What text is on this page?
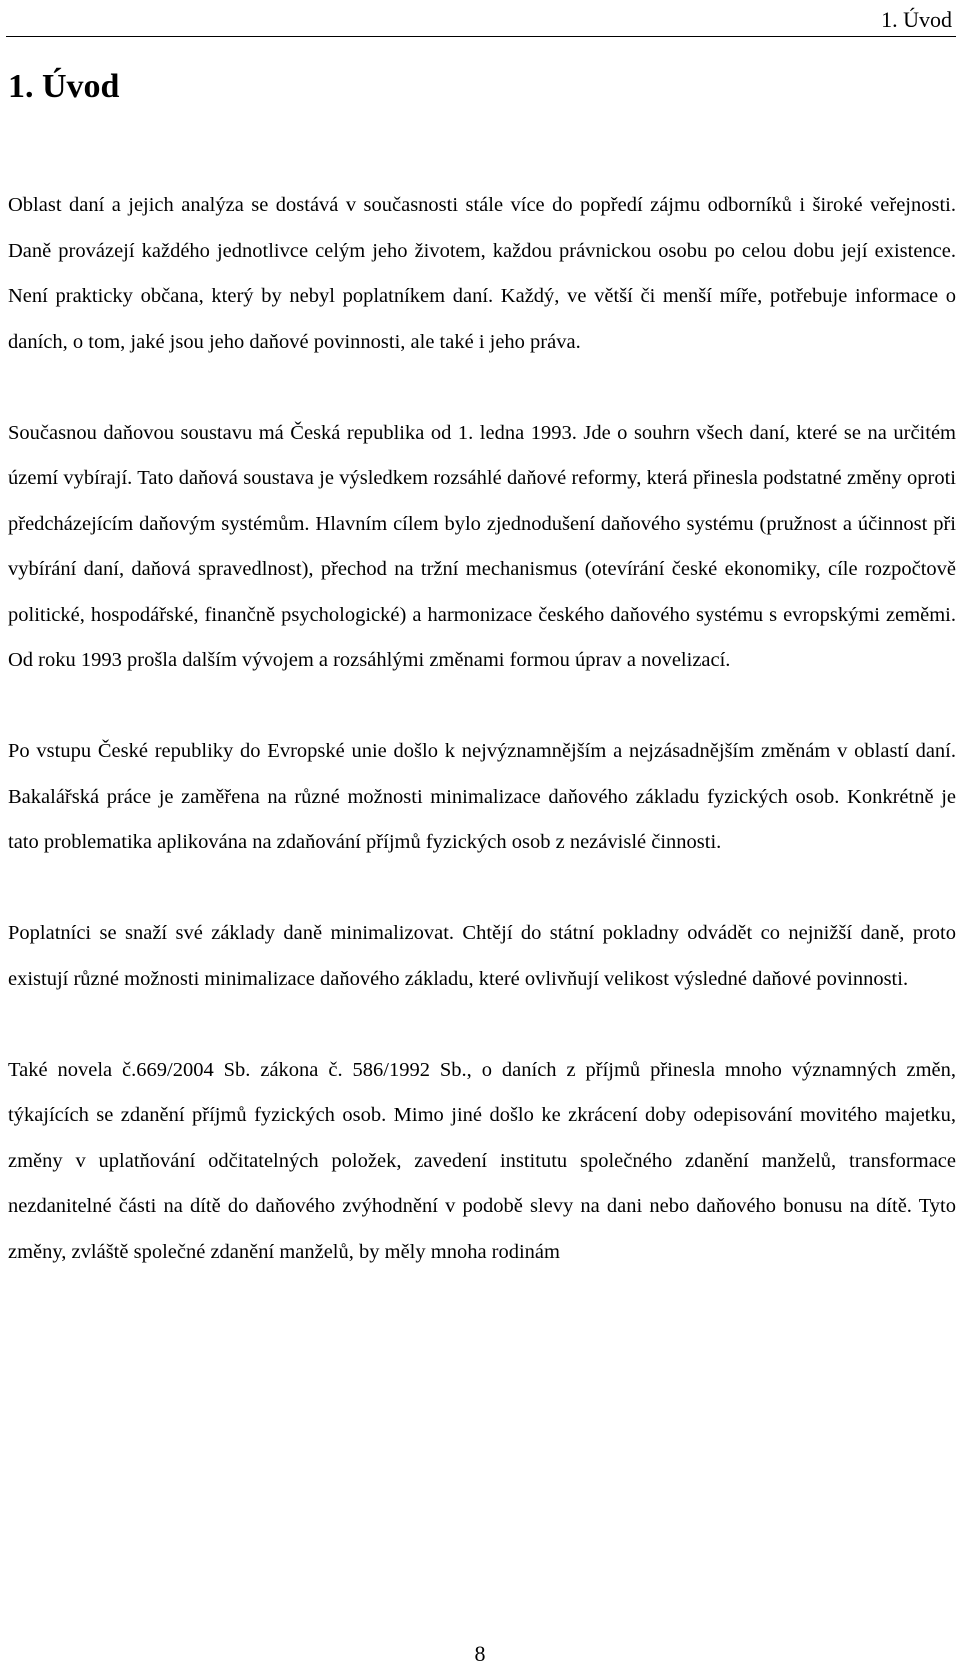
1. Úvod
1. Úvod

Oblast daní a jejich analýza se dostává v současnosti stále více do popředí zájmu odborníků i široké veřejnosti. Daně provázejí každého jednotlivce celým jeho životem, každou právnickou osobu po celou dobu její existence. Není prakticky občana, který by nebyl poplatníkem daní. Každý, ve větší či menší míře, potřebuje informace o daních, o tom, jaké jsou jeho daňové povinnosti, ale také i jeho práva.

Současnou daňovou soustavu má Česká republika od 1. ledna 1993. Jde o souhrn všech daní, které se na určitém území vybírají. Tato daňová soustava je výsledkem rozsáhlé daňové reformy, která přinesla podstatné změny oproti předcházejícím daňovým systémům. Hlavním cílem bylo zjednodušení daňového systému (pružnost a účinnost při vybírání daní, daňová spravedlnost), přechod na tržní mechanismus (otevírání české ekonomiky, cíle rozpočtově politické, hospodářské, finančně psychologické) a harmonizace českého daňového systému s evropskými zeměmi. Od roku 1993 prošla dalším vývojem a rozsáhlými změnami formou úprav a novelizací.

Po vstupu České republiky do Evropské unie došlo k nejvýznamnějším a nejzásadnějším změnám v oblastí daní. Bakalářská práce je zaměřena na různé možnosti minimalizace daňového základu fyzických osob. Konkrétně je tato problematika aplikována na zdaňování příjmů fyzických osob z nezávislé činnosti.

Poplatníci se snaží své základy daně minimalizovat. Chtějí do státní pokladny odvádět co nejnižší daně, proto existují různé možnosti minimalizace daňového základu, které ovlivňují velikost výsledné daňové povinnosti.

Také novela č.669/2004 Sb. zákona č. 586/1992 Sb., o daních z příjmů přinesla mnoho významných změn, týkajících se zdanění příjmů fyzických osob. Mimo jiné došlo ke zkrácení doby odepisování movitého majetku, změny v uplatňování odčitatelných položek, zavedení institutu společného zdanění manželů, transformace nezdanitelné části na dítě do daňového zvýhodnění v podobě slevy na dani nebo daňového bonusu na dítě. Tyto změny, zvláště společné zdanění manželů, by měly mnoha rodinám

8
